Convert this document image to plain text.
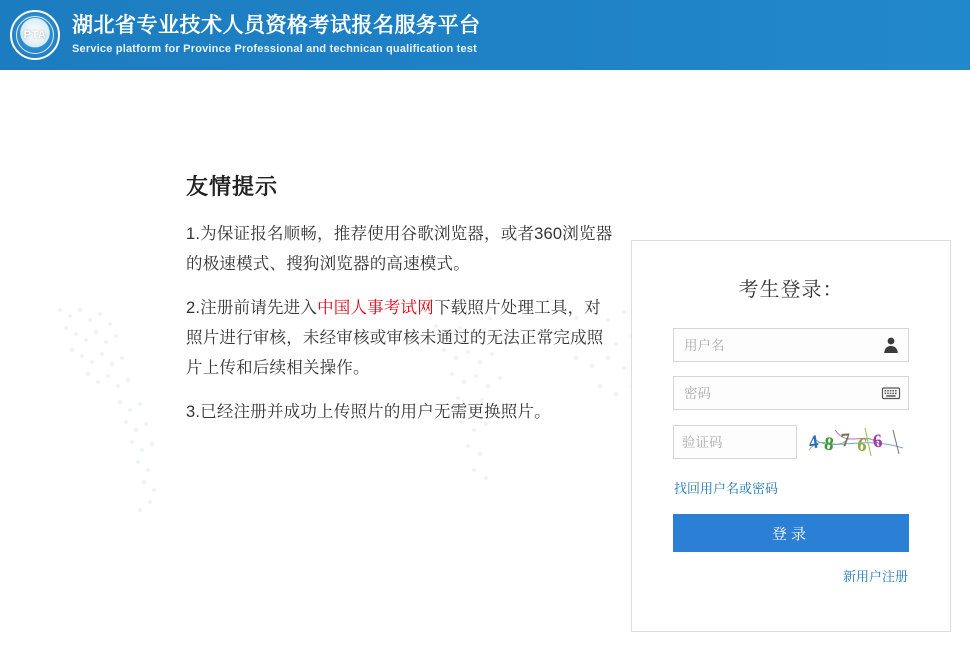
PTA	湖北省专业技术人员资格考试报名服务平台
Service platform for Province Professional and technican qualification test
友情提示

1.为保证报名顺畅，推荐使用谷歌浏览器，或者360浏览器的极速模式、搜狗浏览器的高速模式。

2.注册前请先进入中国人事考试网下载照片处理工具，对照片进行审核，未经审核或审核未通过的无法正常完成照片上传和后续相关操作。

3.已经注册并成功上传照片的用户无需更换照片。

考生登录：
用户名
验证码
4 8 7 6 6
找回用户名或密码
登录
新用户注册
